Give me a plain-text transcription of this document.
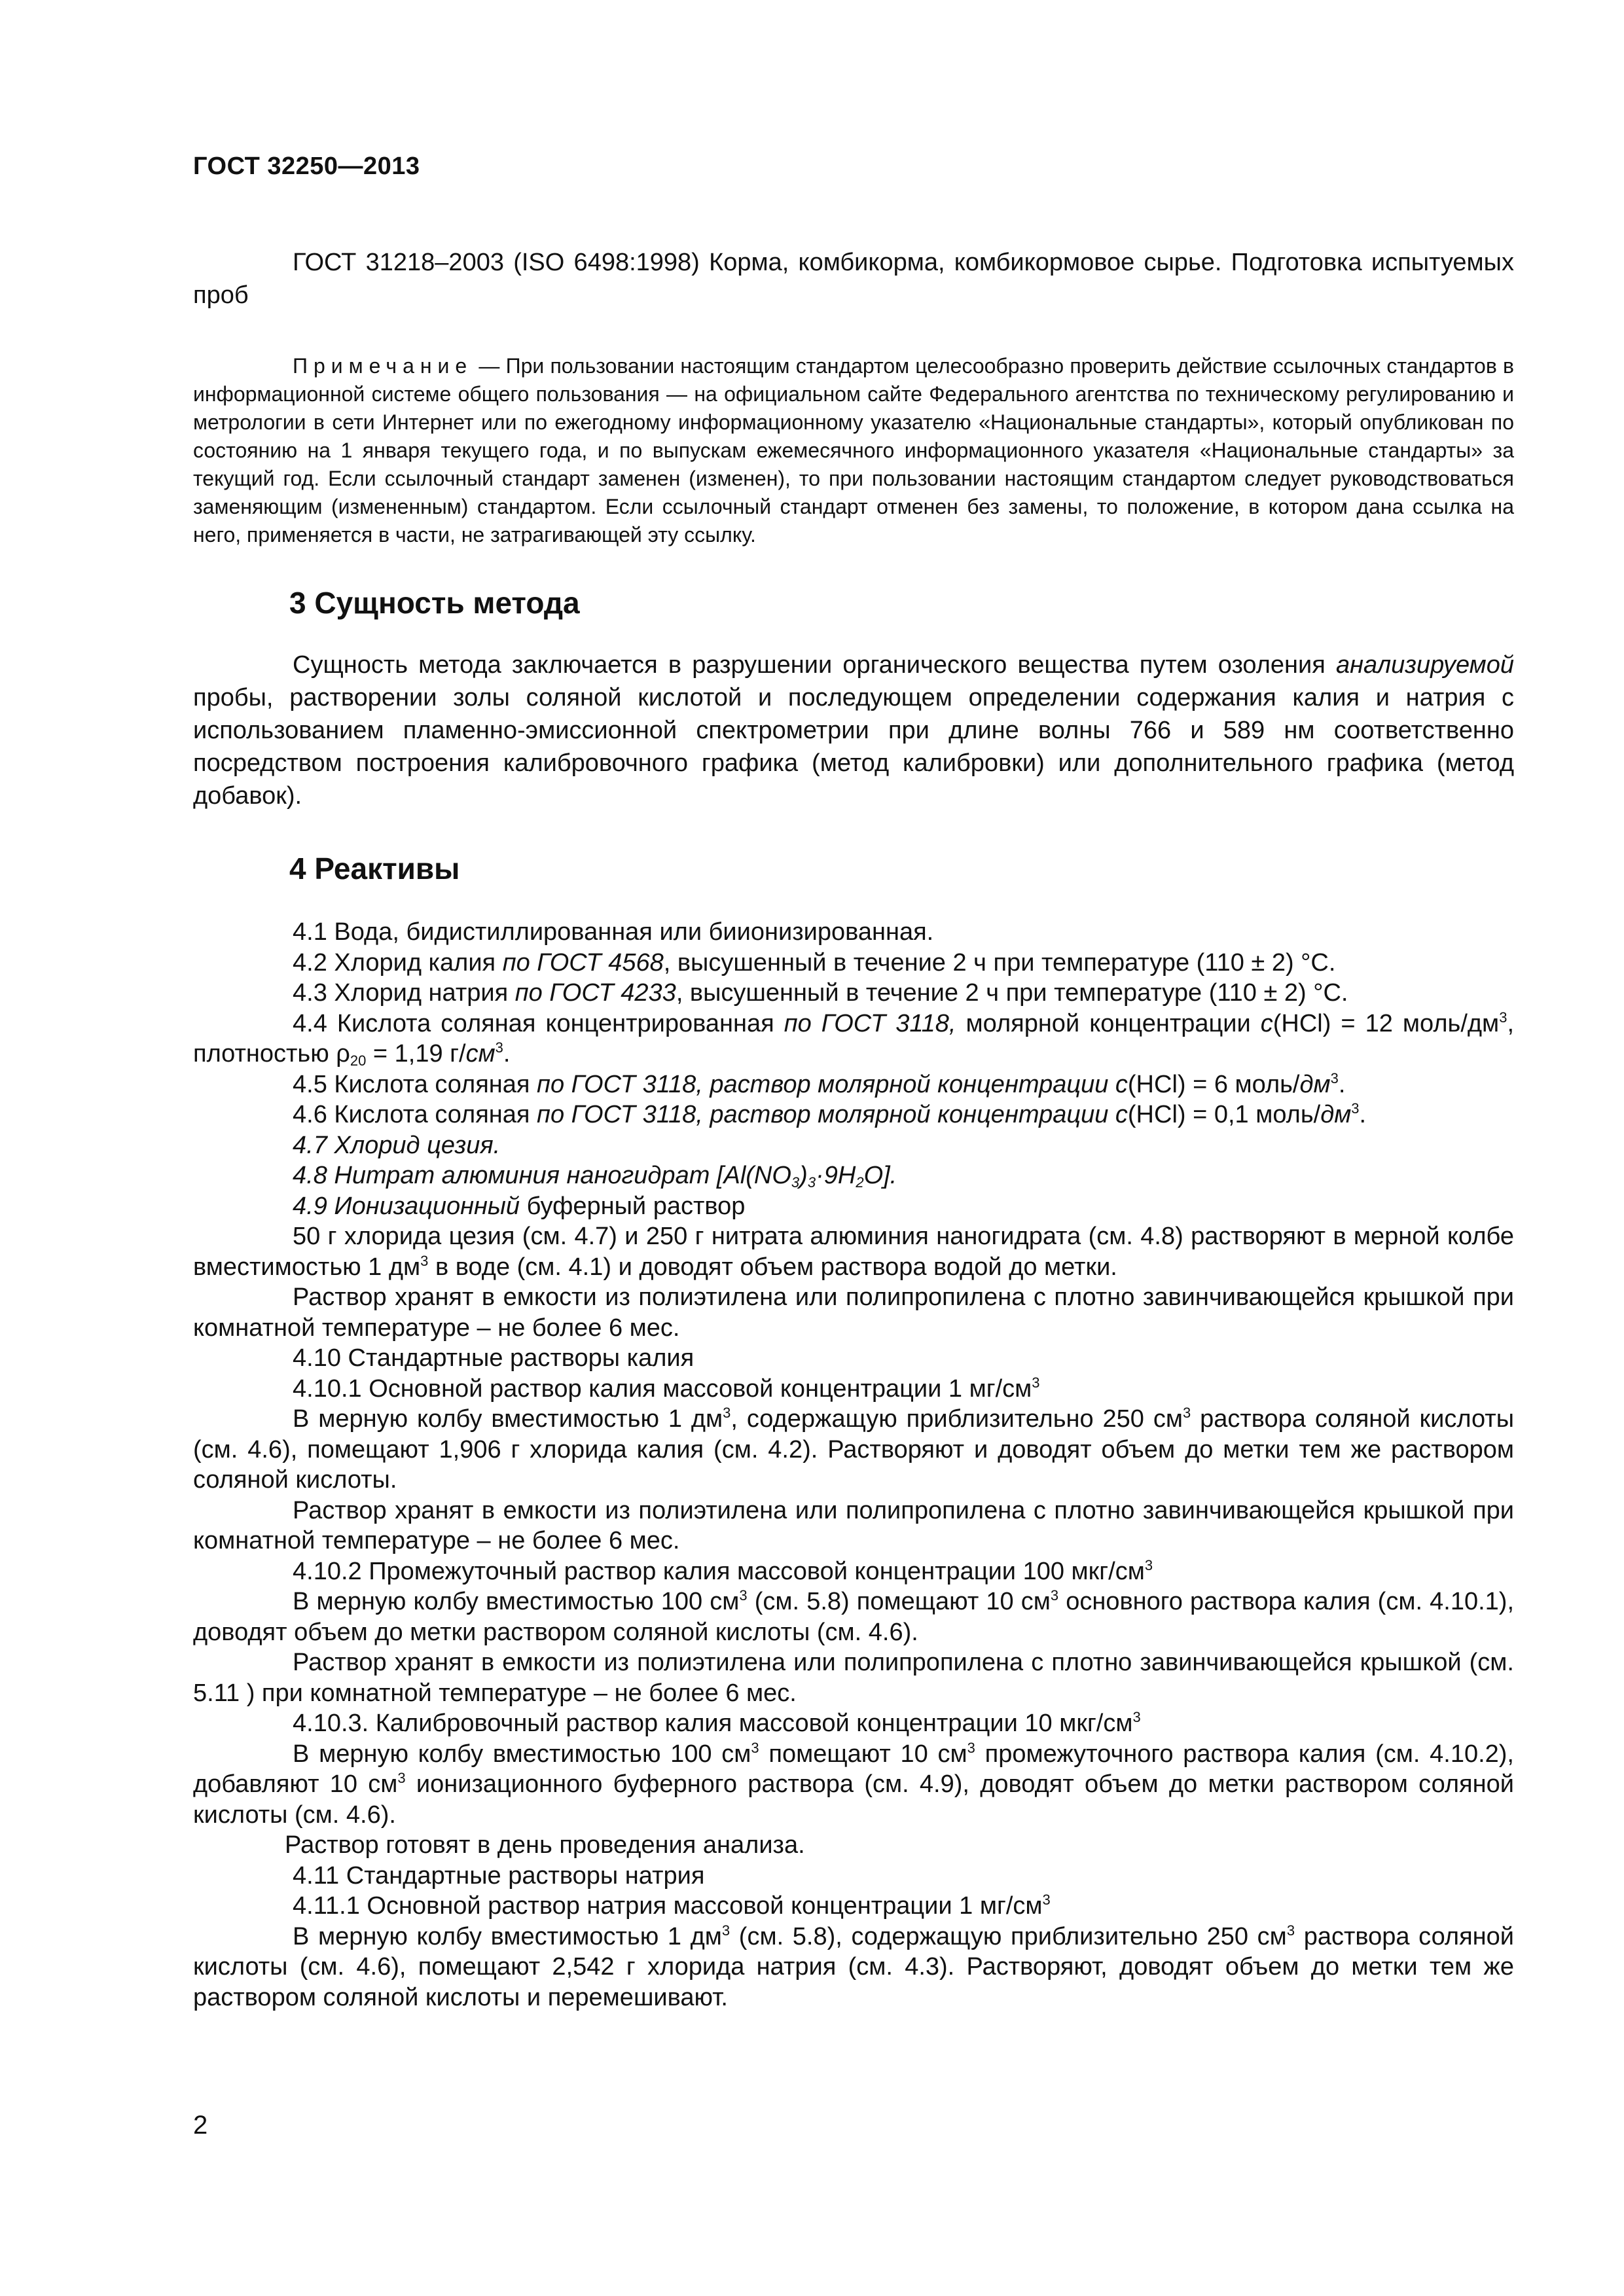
ГОСТ 32250—2013

ГОСТ 31218–2003 (ISO 6498:1998) Корма, комбикорма, комбикормовое сырье. Подготовка испытуемых проб

Примечание — При пользовании настоящим стандартом целесообразно проверить действие ссылочных стандартов в информационной системе общего пользования — на официальном сайте Федерального агентства по техническому регулированию и метрологии в сети Интернет или по ежегодному информационному указателю «Национальные стандарты», который опубликован по состоянию на 1 января текущего года, и по выпускам ежемесячного информационного указателя «Национальные стандарты» за текущий год. Если ссылочный стандарт заменен (изменен), то при пользовании настоящим стандартом следует руководствоваться заменяющим (измененным) стандартом. Если ссылочный стандарт отменен без замены, то положение, в котором дана ссылка на него, применяется в части, не затрагивающей эту ссылку.

3 Сущность метода

Сущность метода заключается в разрушении органического вещества путем озоления анализируемой пробы, растворении золы соляной кислотой и последующем определении содержания калия и натрия с использованием пламенно-эмиссионной спектрометрии при длине волны 766 и 589 нм соответственно посредством построения калибровочного графика (метод калибровки) или дополнительного графика (метод добавок).

4 Реактивы

4.1 Вода, бидистиллированная или биионизированная.

4.2 Хлорид калия по ГОСТ 4568, высушенный в течение 2 ч при температуре (110 ± 2) °С.

4.3 Хлорид натрия по ГОСТ 4233, высушенный в течение 2 ч при температуре (110 ± 2) °С.

4.4 Кислота соляная концентрированная по ГОСТ 3118, молярной концентрации с(HCl) = 12 моль/$дм^3$, плотностью $\rho_{20} = 1,19$ $г/см^3$.

4.5 Кислота соляная по ГОСТ 3118, раствор молярной концентрации с(HCl) = 6 моль/$дм^3$.

4.6 Кислота соляная по ГОСТ 3118, раствор молярной концентрации с(HCl) = 0,1 моль/$дм^3$.

4.7 Хлорид цезия.

4.8 Нитрат алюминия наногидрат $[Al(NO_3)_3\cdot 9H_2O]$.

4.9 Ионизационный буферный раствор

50 г хлорида цезия (см. 4.7) и 250 г нитрата алюминия наногидрата (см. 4.8) растворяют в мерной колбе вместимостью 1 $дм^3$ в воде (см. 4.1) и доводят объем раствора водой до метки.

Раствор хранят в емкости из полиэтилена или полипропилена с плотно завинчивающейся крышкой при комнатной температуре – не более 6 мес.

4.10 Стандартные растворы калия

4.10.1 Основной раствор калия массовой концентрации 1 $мг/см^3$

В мерную колбу вместимостью 1 $дм^3$, содержащую приблизительно 250 $см^3$ раствора соляной кислоты (см. 4.6), помещают 1,906 г хлорида калия (см. 4.2). Растворяют и доводят объем до метки тем же раствором соляной кислоты.

Раствор хранят в емкости из полиэтилена или полипропилена с плотно завинчивающейся крышкой при комнатной температуре – не более 6 мес.

4.10.2 Промежуточный раствор калия массовой концентрации 100 мкг/$см^3$

В мерную колбу вместимостью 100 $см^3$ (см. 5.8) помещают 10 $см^3$ основного раствора калия (см. 4.10.1), доводят объем до метки раствором соляной кислоты (см. 4.6).

Раствор хранят в емкости из полиэтилена или полипропилена с плотно завинчивающейся крышкой (см. 5.11 ) при комнатной температуре – не более 6 мес.

4.10.3. Калибровочный раствор калия массовой концентрации 10 мкг/$см^3$

В мерную колбу вместимостью 100 $см^3$ помещают 10 $см^3$ промежуточного раствора калия (см. 4.10.2), добавляют 10 $см^3$ ионизационного буферного раствора (см. 4.9), доводят объем до метки раствором соляной кислоты (см. 4.6).

Раствор готовят в день проведения анализа.

4.11 Стандартные растворы натрия

4.11.1 Основной раствор натрия массовой концентрации 1 $мг/см^3$

В мерную колбу вместимостью 1 $дм^3$ (см. 5.8), содержащую приблизительно 250 $см^3$ раствора соляной кислоты (см. 4.6), помещают 2,542 г хлорида натрия (см. 4.3). Растворяют, доводят объем до метки тем же раствором соляной кислоты и перемешивают.

2
